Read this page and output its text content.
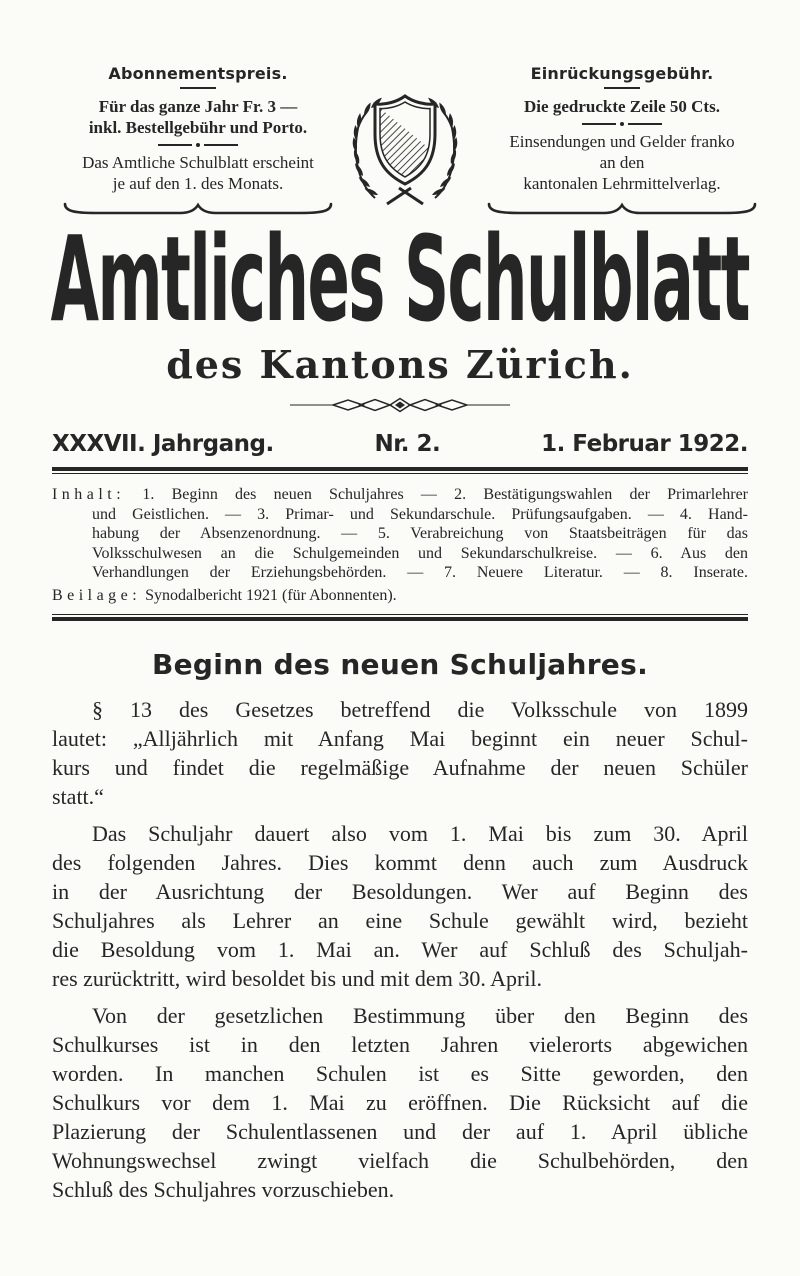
Abonnementspreis.
Für das ganze Jahr Fr. 3 —
inkl. Bestellgebühr und Porto.
Das Amtliche Schulblatt erscheint
je auf den 1. des Monats.
Einrückungsgebühr.
Die gedruckte Zeile 50 Cts.
Einsendungen und Gelder franko
an den
kantonalen Lehrmittelverlag.
Amtliches Schulblatt
des Kantons Zürich.
XXXVII. Jahrgang.	Nr. 2.	1. Februar 1922.
Inhalt: 1. Beginn des neuen Schuljahres — 2. Bestätigungswahlen der Primarlehrer
und Geistlichen. — 3. Primar- und Sekundarschule. Prüfungsaufgaben. — 4. Hand-
habung der Absenzenordnung. — 5. Verabreichung von Staatsbeiträgen für das
Volksschulwesen an die Schulgemeinden und Sekundarschulkreise. — 6. Aus den
Verhandlungen der Erziehungsbehörden. — 7. Neuere Literatur. — 8. Inserate.
Beilage: Synodalbericht 1921 (für Abonnenten).
Beginn des neuen Schuljahres.
§ 13 des Gesetzes betreffend die Volksschule von 1899
lautet: „Alljährlich mit Anfang Mai beginnt ein neuer Schul-
kurs und findet die regelmäßige Aufnahme der neuen Schüler
statt.“
Das Schuljahr dauert also vom 1. Mai bis zum 30. April
des folgenden Jahres. Dies kommt denn auch zum Ausdruck
in der Ausrichtung der Besoldungen. Wer auf Beginn des
Schuljahres als Lehrer an eine Schule gewählt wird, bezieht
die Besoldung vom 1. Mai an. Wer auf Schluß des Schuljah-
res zurücktritt, wird besoldet bis und mit dem 30. April.
Von der gesetzlichen Bestimmung über den Beginn des
Schulkurses ist in den letzten Jahren vielerorts abgewichen
worden. In manchen Schulen ist es Sitte geworden, den
Schulkurs vor dem 1. Mai zu eröffnen. Die Rücksicht auf die
Plazierung der Schulentlassenen und der auf 1. April übliche
Wohnungswechsel zwingt vielfach die Schulbehörden, den
Schluß des Schuljahres vorzuschieben.
